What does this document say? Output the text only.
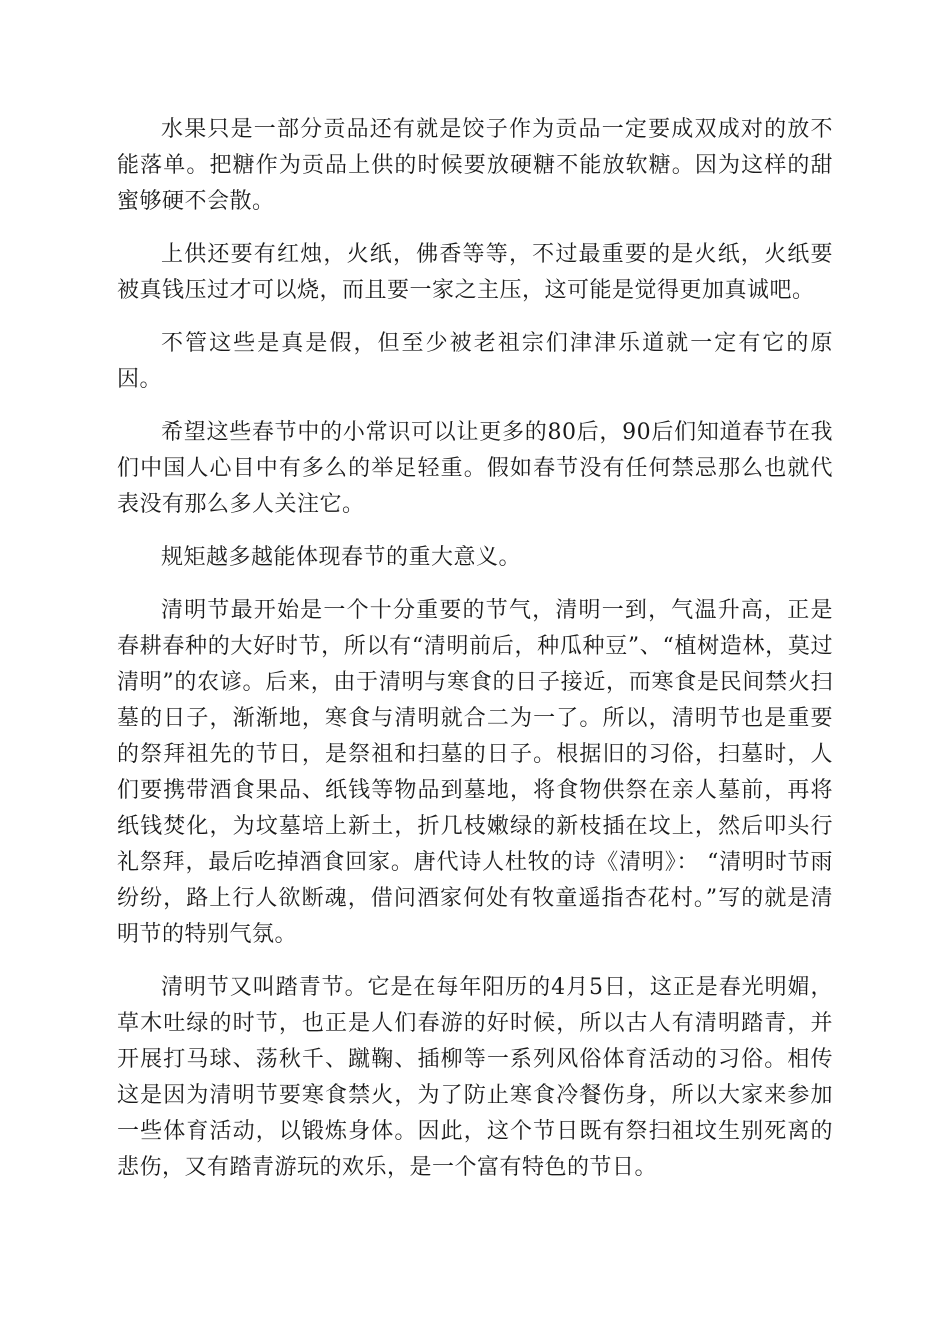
水果只是一部分贡品还有就是饺子作为贡品一定要成双成对的放不能落单。把糖作为贡品上供的时候要放硬糖不能放软糖。因为这样的甜蜜够硬不会散。

上供还要有红烛，火纸，佛香等等，不过最重要的是火纸，火纸要被真钱压过才可以烧，而且要一家之主压，这可能是觉得更加真诚吧。

不管这些是真是假，但至少被老祖宗们津津乐道就一定有它的原因。

希望这些春节中的小常识可以让更多的80后，90后们知道春节在我们中国人心目中有多么的举足轻重。假如春节没有任何禁忌那么也就代表没有那么多人关注它。

规矩越多越能体现春节的重大意义。

清明节最开始是一个十分重要的节气，清明一到，气温升高，正是春耕春种的大好时节，所以有“清明前后，种瓜种豆”、“植树造林，莫过清明”的农谚。后来，由于清明与寒食的日子接近，而寒食是民间禁火扫墓的日子，渐渐地，寒食与清明就合二为一了。所以，清明节也是重要的祭拜祖先的节日，是祭祖和扫墓的日子。根据旧的习俗，扫墓时，人们要携带酒食果品、纸钱等物品到墓地，将食物供祭在亲人墓前，再将纸钱焚化，为坟墓培上新土，折几枝嫩绿的新枝插在坟上，然后叩头行礼祭拜，最后吃掉酒食回家。唐代诗人杜牧的诗《清明》： “清明时节雨纷纷，路上行人欲断魂，借问酒家何处有牧童遥指杏花村。”写的就是清明节的特别气氛。

清明节又叫踏青节。它是在每年阳历的4月5日，这正是春光明媚，草木吐绿的时节，也正是人们春游的好时候，所以古人有清明踏青，并开展打马球、荡秋千、蹴鞠、插柳等一系列风俗体育活动的习俗。相传这是因为清明节要寒食禁火，为了防止寒食冷餐伤身，所以大家来参加一些体育活动，以锻炼身体。因此，这个节日既有祭扫祖坟生别死离的悲伤，又有踏青游玩的欢乐，是一个富有特色的节日。
